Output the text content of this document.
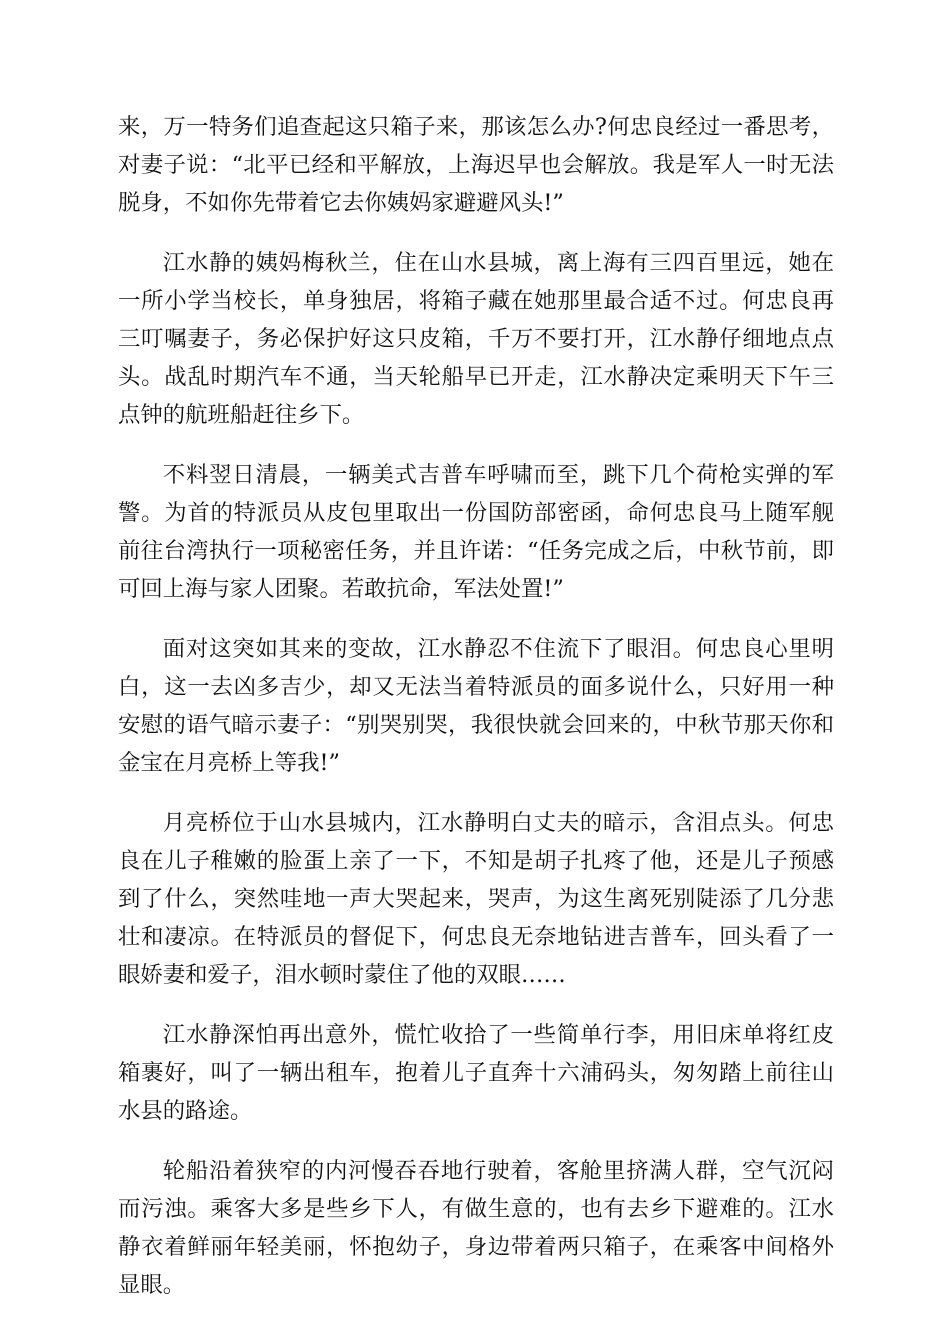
来，万一特务们追查起这只箱子来，那该怎么办?何忠良经过一番思考，对妻子说：“北平已经和平解放，上海迟早也会解放。我是军人一时无法脱身，不如你先带着它去你姨妈家避避风头!”

江水静的姨妈梅秋兰，住在山水县城，离上海有三四百里远，她在一所小学当校长，单身独居，将箱子藏在她那里最合适不过。何忠良再三叮嘱妻子，务必保护好这只皮箱，千万不要打开，江水静仔细地点点头。战乱时期汽车不通，当天轮船早已开走，江水静决定乘明天下午三点钟的航班船赶往乡下。

不料翌日清晨，一辆美式吉普车呼啸而至，跳下几个荷枪实弹的军警。为首的特派员从皮包里取出一份国防部密函，命何忠良马上随军舰前往台湾执行一项秘密任务，并且许诺：“任务完成之后，中秋节前，即可回上海与家人团聚。若敢抗命，军法处置!”

面对这突如其来的变故，江水静忍不住流下了眼泪。何忠良心里明白，这一去凶多吉少，却又无法当着特派员的面多说什么，只好用一种安慰的语气暗示妻子：“别哭别哭，我很快就会回来的，中秋节那天你和金宝在月亮桥上等我!”

月亮桥位于山水县城内，江水静明白丈夫的暗示，含泪点头。何忠良在儿子稚嫩的脸蛋上亲了一下，不知是胡子扎疼了他，还是儿子预感到了什么，突然哇地一声大哭起来，哭声，为这生离死别陡添了几分悲壮和凄凉。在特派员的督促下，何忠良无奈地钻进吉普车，回头看了一眼娇妻和爱子，泪水顿时蒙住了他的双眼……

江水静深怕再出意外，慌忙收拾了一些简单行李，用旧床单将红皮箱裹好，叫了一辆出租车，抱着儿子直奔十六浦码头，匆匆踏上前往山水县的路途。

轮船沿着狭窄的内河慢吞吞地行驶着，客舱里挤满人群，空气沉闷而污浊。乘客大多是些乡下人，有做生意的，也有去乡下避难的。江水静衣着鲜丽年轻美丽，怀抱幼子，身边带着两只箱子，在乘客中间格外显眼。
